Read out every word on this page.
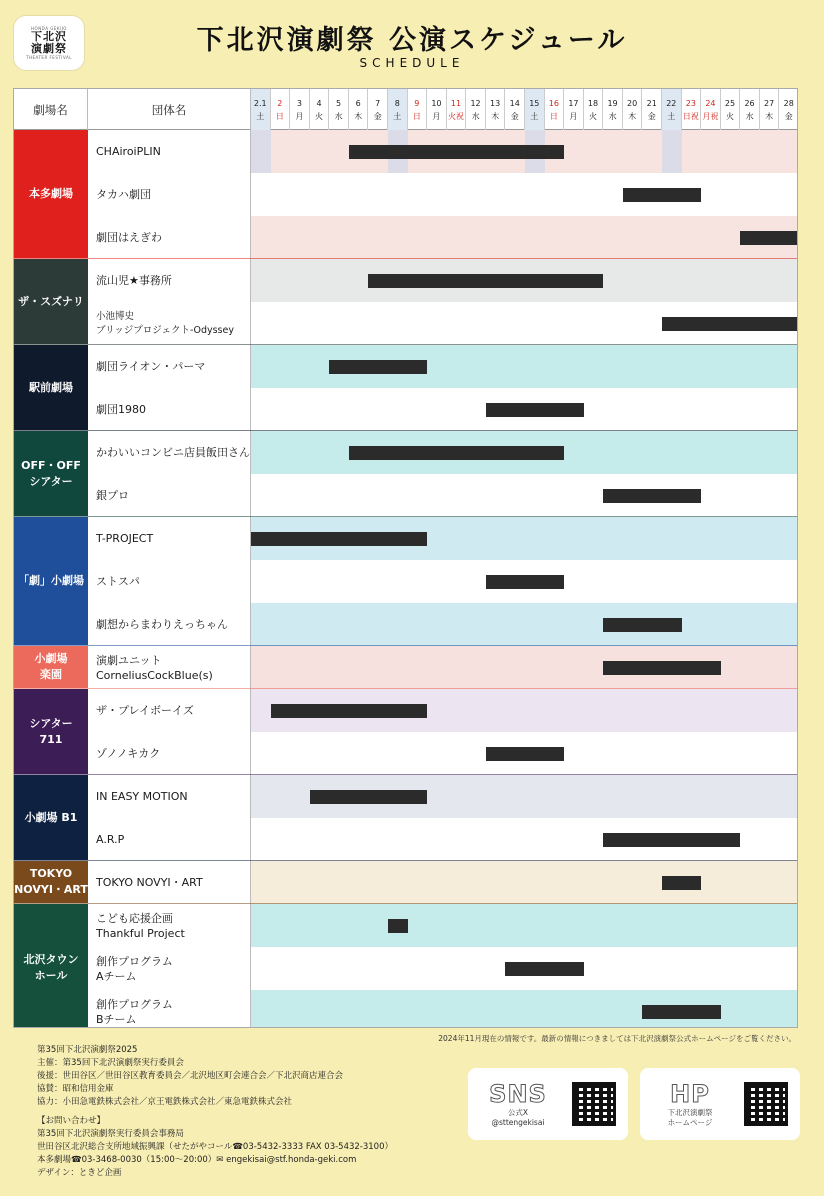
HONDA GEKIJO
下北沢
演劇祭
THEATER FESTIVAL
下北沢演劇祭 公演スケジュール
SCHEDULE
劇場名	団体名	2.1
土
2
日
3
月
4
火
5
水
6
木
7
金
8
土
9
日
10
月
11
火祝
12
水
13
木
14
金
15
土
16
日
17
月
18
火
19
水
20
木
21
金
22
土
23
日祝
24
月祝
25
火
26
水
27
木
28
金
CHAiroiPLIN
タカハ劇団
劇団はえぎわ
本多劇場
流山児★事務所
小池博史
ブリッジプロジェクト-Odyssey
ザ・スズナリ
劇団ライオン・パーマ
劇団1980
駅前劇場
かわいいコンビニ店員飯田さん
銀プロ
OFF・OFF
シアター
T-PROJECT
ストスパ
劇想からまわりえっちゃん
「劇」小劇場
演劇ユニット
CorneliusCockBlue(s)
小劇場
楽園
ザ・プレイボーイズ
ゾノノキカク
シアター
711
IN EASY MOTION
A.R.P
小劇場 B1
TOKYO NOVYI・ART
TOKYO
NOVYI・ART
こども応援企画
Thankful Project
創作プログラム
Aチーム
創作プログラム
Bチーム
北沢タウン
ホール
2024年11月現在の情報です。最新の情報につきましては下北沢演劇祭公式ホームページをご覧ください。
第35回下北沢演劇祭2025
主催：第35回下北沢演劇祭実行委員会
後援：世田谷区／世田谷区教育委員会／北沢地区町会連合会／下北沢商店連合会
協賛：昭和信用金庫
協力：小田急電鉄株式会社／京王電鉄株式会社／東急電鉄株式会社
【お問い合わせ】
第35回下北沢演劇祭実行委員会事務局
世田谷区北沢総合支所地域振興課（せたがやコール☎03-5432-3333 FAX 03-5432-3100）
本多劇場☎03-3468-0030（15:00〜20:00）✉ engekisai@stf.honda-geki.com
デザイン：ときど企画
SNS
公式X
@sttengekisai
HP
下北沢演劇祭
ホームページ
